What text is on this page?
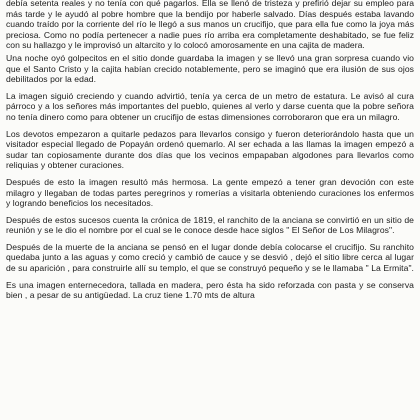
debía setenta reales y no tenía con qué pagarlos. Ella se llenó de tristeza y prefirió dejar su empleo para más tarde y le ayudó al pobre hombre que la bendijo por haberle salvado. Días después estaba lavando cuando traído por la corriente del río le llegó a sus manos un crucifijo, que para ella fue como la joya más preciosa. Como no podía pertenecer a nadie pues río arriba era completamente deshabitado, se fue feliz con su hallazgo y le improvisó un altarcito y lo colocó amorosamente en una cajita de madera.

Una noche oyó golpecitos en el sitio donde guardaba la imagen y se llevó una gran sorpresa cuando vio que el Santo Cristo y la cajita habían crecido notablemente, pero se imaginó que era ilusión de sus ojos debilitados por la edad.

La imagen siguió creciendo y cuando advirtió, tenía ya cerca de un metro de estatura. Le avisó al cura párroco y a los señores más importantes del pueblo, quienes al verlo y darse cuenta que la pobre señora no tenía dinero como para obtener un crucifijo de estas dimensiones corroboraron que era un milagro.

Los devotos empezaron a quitarle pedazos para llevarlos consigo y fueron deteriorándolo hasta que un visitador especial llegado de Popayán ordenó quemarlo. Al ser echada a las llamas la imagen empezó a sudar tan copiosamente durante dos días que los vecinos empapaban algodones para llevarlos como reliquias y obtener curaciones.

Después de esto la imagen resultó más hermosa. La gente empezó a tener gran devoción con este milagro y llegaban de todas partes peregrinos y romerías a visitarla obteniendo curaciones los enfermos y logrando beneficios los necesitados.

Después de estos sucesos cuenta la crónica de 1819, el ranchito de la anciana se convirtió en un sitio de reunión y se le dio el nombre por el cual se le conoce desde hace siglos " El Señor de Los Milagros".

Después de la muerte de la anciana se pensó en el lugar donde debía colocarse el crucifijo. Su ranchito quedaba junto a las aguas y como creció y cambió de cauce y se desvió , dejó el sitio libre cerca al lugar de su aparición , para construirle allí su templo, el que se construyó pequeño y se le llamaba " La Ermita".

Es una imagen enternecedora, tallada en madera, pero ésta ha sido reforzada con pasta y se conserva bien , a pesar de su antigüedad. La cruz tiene 1.70 mts de altura
